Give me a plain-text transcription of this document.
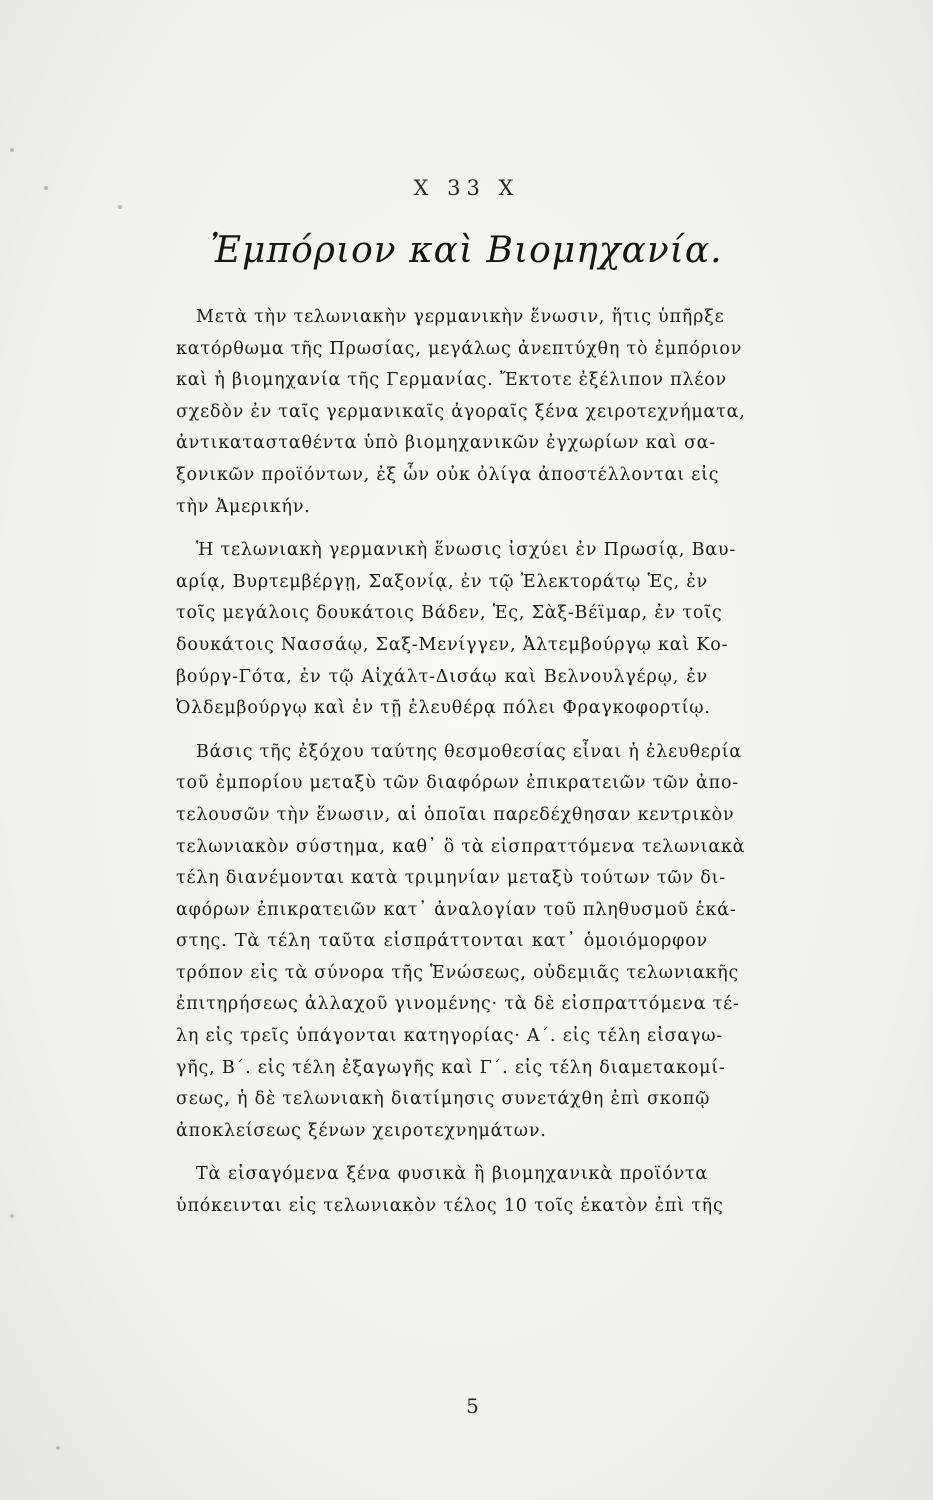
Χ 33 Χ
Ἐμπόριον καὶ Βιομηχανία.
Μετὰ τὴν τελωνιακὴν γερμανικὴν ἕνωσιν, ἥτις ὑπῆρξε
κατόρθωμα τῆς Πρωσίας, μεγάλως ἀνεπτύχθη τὸ ἐμπόριον
καὶ ἡ βιομηχανία τῆς Γερμανίας. Ἔκτοτε ἐξέλιπον πλέον
σχεδὸν ἐν ταῖς γερμανικαῖς ἀγοραῖς ξένα χειροτεχνήματα,
ἀντικατασταθέντα ὑπὸ βιομηχανικῶν ἐγχωρίων καὶ σα-
ξονικῶν προϊόντων, ἐξ ὧν οὐκ ὀλίγα ἀποστέλλονται εἰς
τὴν Ἀμερικήν.
Ἡ τελωνιακὴ γερμανικὴ ἕνωσις ἰσχύει ἐν Πρωσίᾳ, Βαυ-
αρίᾳ, Βυρτεμβέργῃ, Σαξονίᾳ, ἐν τῷ Ἐλεκτοράτῳ Ἑς, ἐν
τοῖς μεγάλοις δουκάτοις Βάδεν, Ἑς, Σὰξ-Βέϊμαρ, ἐν τοῖς
δουκάτοις Νασσάῳ, Σαξ-Μενίγγεν, Ἀλτεμβούργῳ καὶ Κο-
βούργ-Γότα, ἐν τῷ Αἰχάλτ-Δισάῳ καὶ Βελνουλγέρῳ, ἐν
Ὀλδεμβούργῳ καὶ ἐν τῇ ἐλευθέρᾳ πόλει Φραγκοφορτίῳ.
Βάσις τῆς ἐξόχου ταύτης θεσμοθεσίας εἶναι ἡ ἐλευθερία
τοῦ ἐμπορίου μεταξὺ τῶν διαφόρων ἐπικρατειῶν τῶν ἀπο-
τελουσῶν τὴν ἕνωσιν, αἱ ὁποῖαι παρεδέχθησαν κεντρικὸν
τελωνιακὸν σύστημα, καθ᾽ ὃ τὰ εἰσπραττόμενα τελωνιακὰ
τέλη διανέμονται κατὰ τριμηνίαν μεταξὺ τούτων τῶν δι-
αφόρων ἐπικρατειῶν κατ᾽ ἀναλογίαν τοῦ πληθυσμοῦ ἑκά-
στης. Τὰ τέλη ταῦτα εἰσπράττονται κατ᾽ ὁμοιόμορφον
τρόπον εἰς τὰ σύνορα τῆς Ἑνώσεως, οὐδεμιᾶς τελωνιακῆς
ἐπιτηρήσεως ἀλλαχοῦ γινομένης· τὰ δὲ εἰσπραττόμενα τέ-
λη εἰς τρεῖς ὑπάγονται κατηγορίας· Α΄. εἰς τέλη εἰσαγω-
γῆς, Β΄. εἰς τέλη ἐξαγωγῆς καὶ Γ΄. εἰς τέλη διαμετακομί-
σεως, ἡ δὲ τελωνιακὴ διατίμησις συνετάχθη ἐπὶ σκοπῷ
ἀποκλείσεως ξένων χειροτεχνημάτων.
Τὰ εἰσαγόμενα ξένα φυσικὰ ἢ βιομηχανικὰ προϊόντα
ὑπόκεινται εἰς τελωνιακὸν τέλος 10 τοῖς ἑκατὸν ἐπὶ τῆς
5
